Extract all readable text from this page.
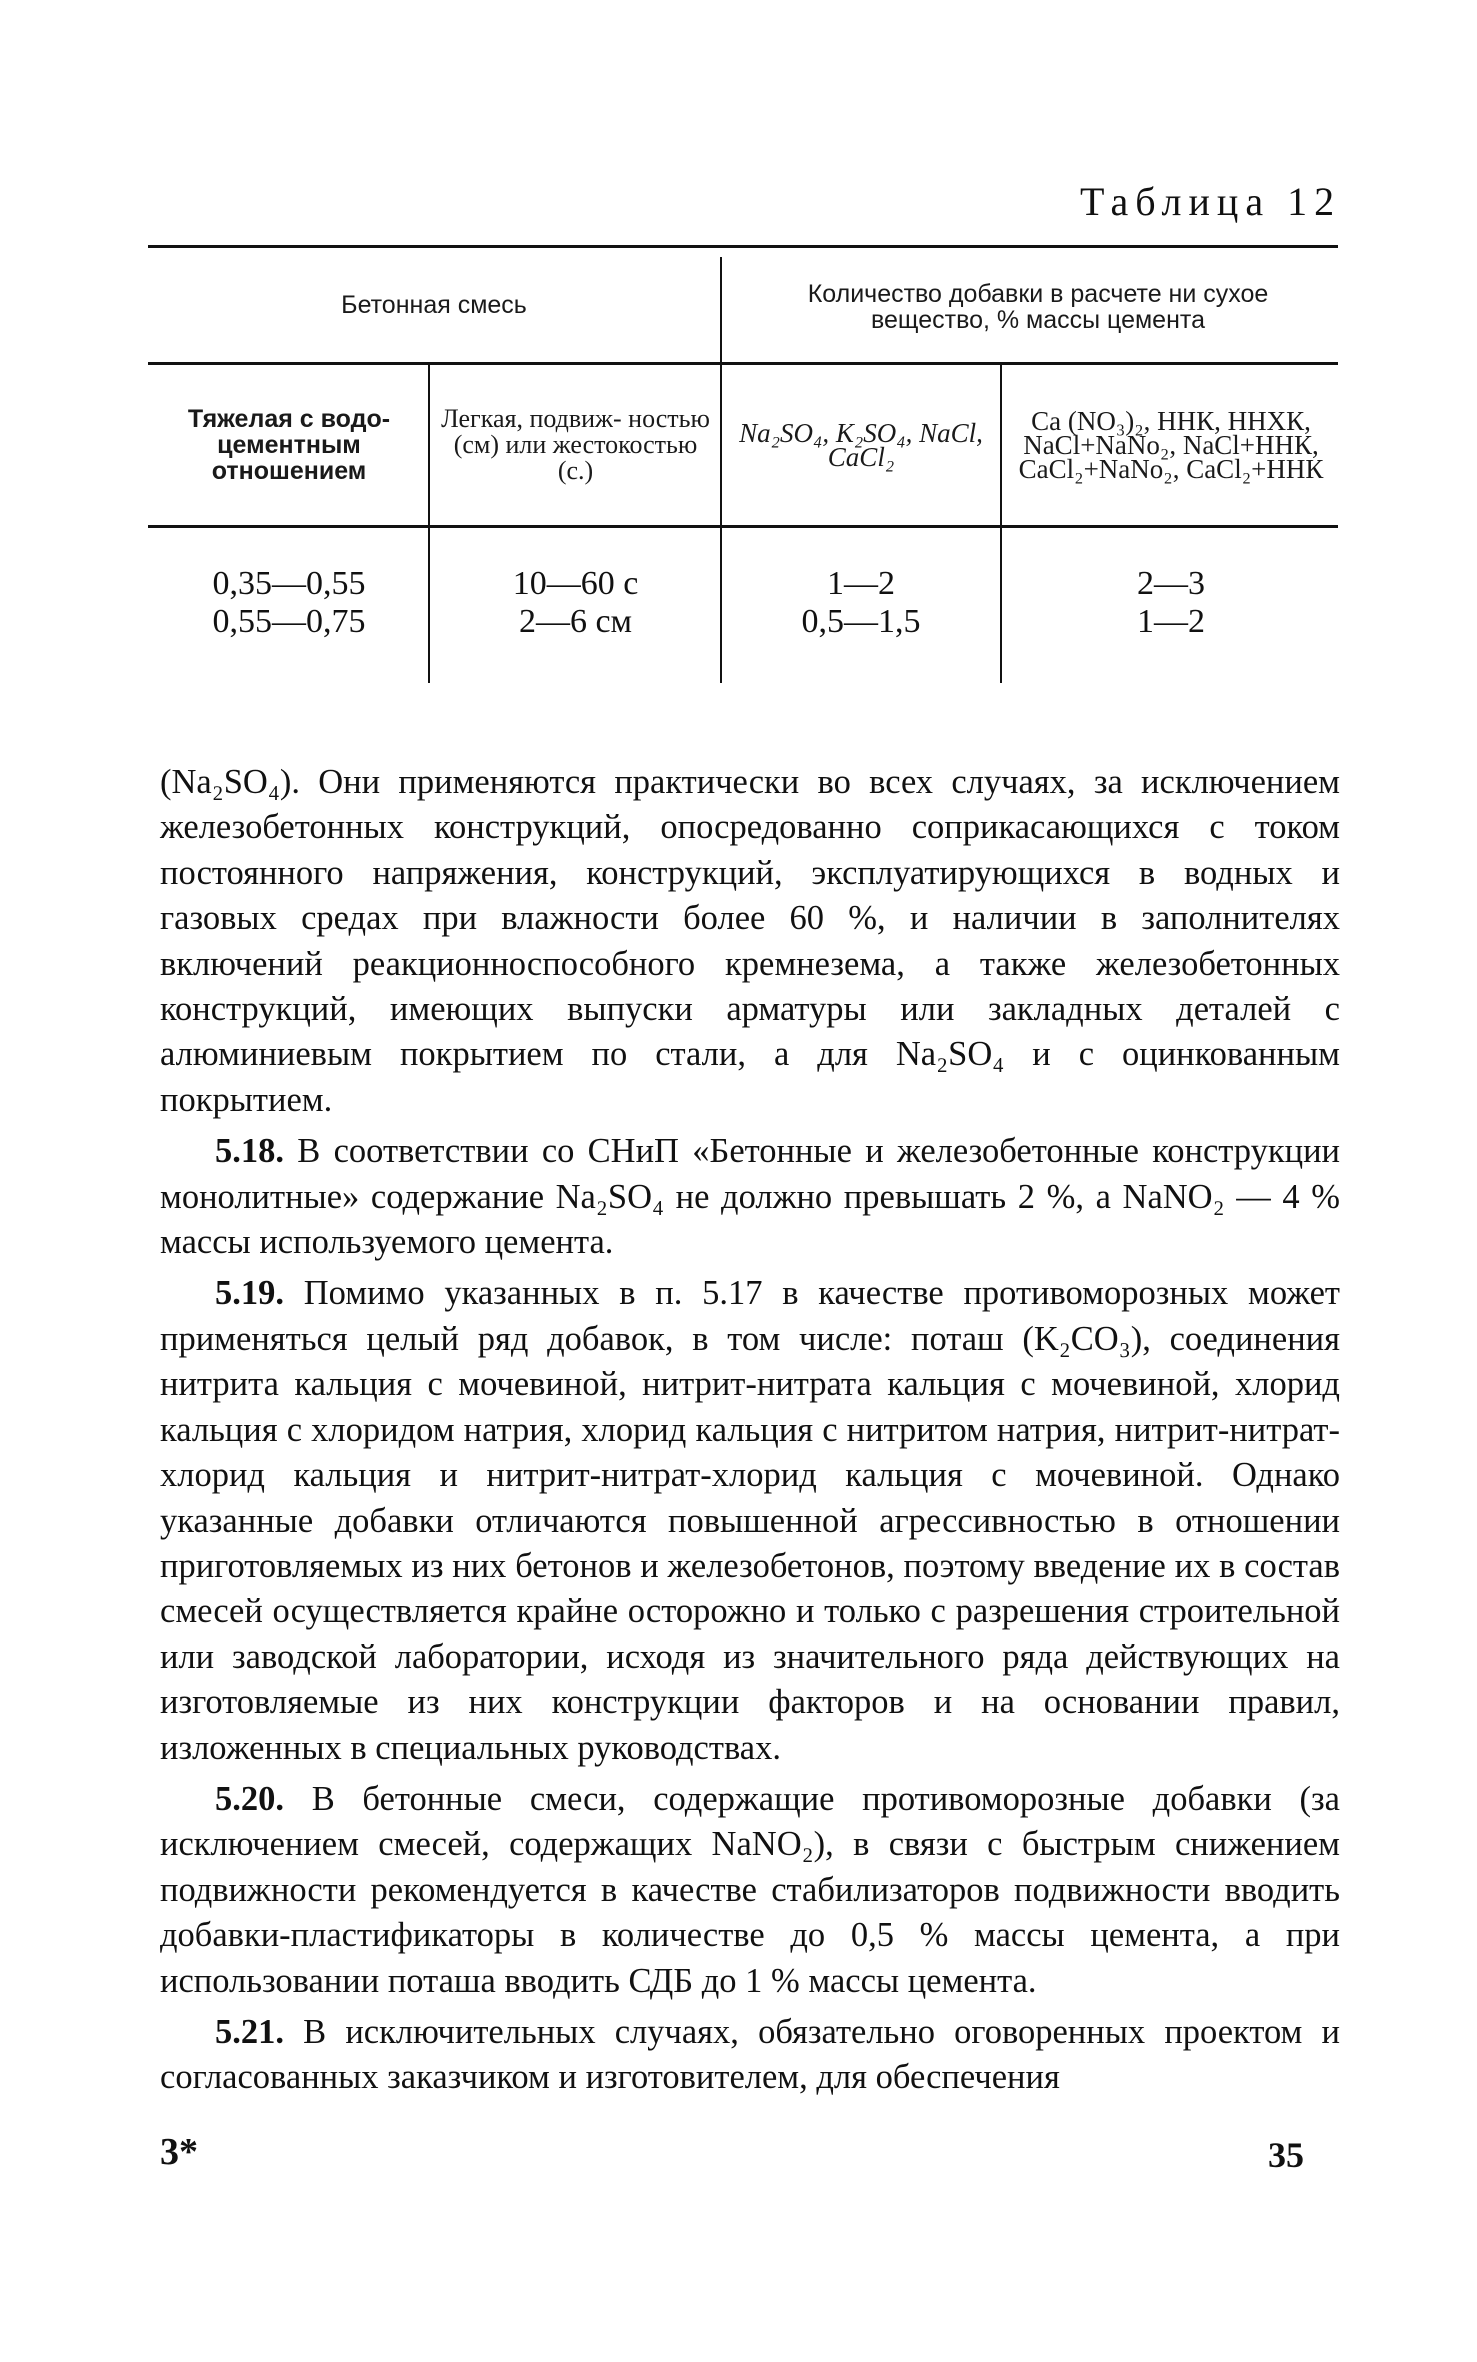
Таблица 12
Бетонная смесь	Количество добавки в расчете ни сухое вещество, % массы цемента
Тяжелая с водо- цементным отношением
Легкая, подвиж- ностью (см) или жестокостью (с.)
Na₂SO₄, K₂SO₄, NaCl, CaCl₂
Ca (NO₃)₂, ННК, ННХК, NaCl+NaNo₂, NaCl+ННК, CaCl₂+NaNo₂, CaCl₂+ННК
0,35—0,55
0,55—0,75
10—60 с
2—6 см
1—2
0,5—1,5
2—3
1—2

(Na₂SO₄). Они применяются практически во всех случаях, за исключением железобетонных конструкций, опосредованно соприкасающихся с током постоянного напряжения, конструкций, эксплуатирующихся в водных и газовых средах при влажности более 60 %, и наличии в заполнителях включений реакционноспособного кремнезема, а также железобетонных конструкций, имеющих выпуски арматуры или закладных деталей с алюминиевым покрытием по стали, а для Na₂SO₄ и с оцинкованным покрытием.

5.18. В соответствии со СНиП «Бетонные и железобетонные конструкции монолитные» содержание Na₂SO₄ не должно превышать 2 %, а NaNO₂ — 4 % массы используемого цемента.

5.19. Помимо указанных в п. 5.17 в качестве противоморозных может применяться целый ряд добавок, в том числе: поташ (K₂CO₃), соединения нитрита кальция с мочевиной, нитрит-нитрата кальция с мочевиной, хлорид кальция с хлоридом натрия, хлорид кальция с нитритом натрия, нитрит-нитрат-хлорид кальция и нитрит-нитрат-хлорид кальция с мочевиной. Однако указанные добавки отличаются повышенной агрессивностью в отношении приготовляемых из них бетонов и железобетонов, поэтому введение их в состав смесей осуществляется крайне осторожно и только с разрешения строительной или заводской лаборатории, исходя из значительного ряда действующих на изготовляемые из них конструкции факторов и на основании правил, изложенных в специальных руководствах.

5.20. В бетонные смеси, содержащие противоморозные добавки (за исключением смесей, содержащих NaNO₂), в связи с быстрым снижением подвижности рекомендуется в качестве стабилизаторов подвижности вводить добавки-пластификаторы в количестве до 0,5 % массы цемента, а при использовании поташа вводить СДБ до 1 % массы цемента.

5.21. В исключительных случаях, обязательно оговоренных проектом и согласованных заказчиком и изготовителем, для обеспечения

3*	35
